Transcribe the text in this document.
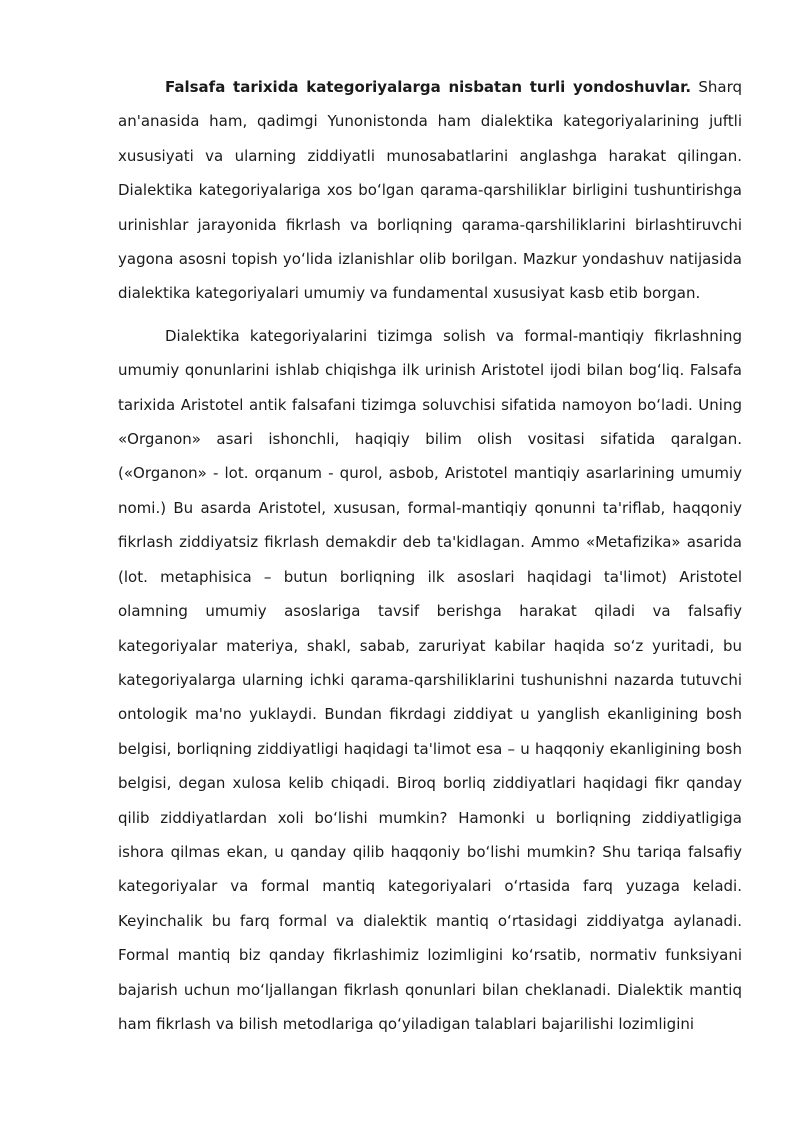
Falsafa tarixida kategoriyalarga nisbatan turli yondoshuvlar. Sharq an'anasida ham, qadimgi Yunonistonda ham dialektika kategoriyalarining juftli xususiyati va ularning ziddiyatli munosabatlarini anglashga harakat qilingan. Dialektika kategoriyalariga xos boʻlgan qarama-qarshiliklar birligini tushuntirishga urinishlar jarayonida fikrlash va borliqning qarama-qarshiliklarini birlashtiruvchi yagona asosni topish yoʻlida izlanishlar olib borilgan. Mazkur yondashuv natijasida dialektika kategoriyalari umumiy va fundamental xususiyat kasb etib borgan.

Dialektika kategoriyalarini tizimga solish va formal-mantiqiy fikrlashning umumiy qonunlarini ishlab chiqishga ilk urinish Aristotel ijodi bilan bogʻliq. Falsafa tarixida Aristotel antik falsafani tizimga soluvchisi sifatida namoyon boʻladi. Uning «Organon» asari ishonchli, haqiqiy bilim olish vositasi sifatida qaralgan. («Organon» - lot. orqanum - qurol, asbob, Aristotel mantiqiy asarlarining umumiy nomi.) Bu asarda Aristotel, xususan, formal-mantiqiy qonunni ta'riflab, haqqoniy fikrlash ziddiyatsiz fikrlash demakdir deb ta'kidlagan. Ammo «Metafizika» asarida (lot. metaphisica – butun borliqning ilk asoslari haqidagi ta'limot) Aristotel olamning umumiy asoslariga tavsif berishga harakat qiladi va falsafiy kategoriyalar materiya, shakl, sabab, zaruriyat kabilar haqida soʻz yuritadi, bu kategoriyalarga ularning ichki qarama-qarshiliklarini tushunishni nazarda tutuvchi ontologik ma'no yuklaydi. Bundan fikrdagi ziddiyat u yanglish ekanligining bosh belgisi, borliqning ziddiyatligi haqidagi ta'limot esa – u haqqoniy ekanligining bosh belgisi, degan xulosa kelib chiqadi. Biroq borliq ziddiyatlari haqidagi fikr qanday qilib ziddiyatlardan xoli boʻlishi mumkin? Hamonki u borliqning ziddiyatligiga ishora qilmas ekan, u qanday qilib haqqoniy boʻlishi mumkin? Shu tariqa falsafiy kategoriyalar va formal mantiq kategoriyalari oʻrtasida farq yuzaga keladi. Keyinchalik bu farq formal va dialektik mantiq oʻrtasidagi ziddiyatga aylanadi. Formal mantiq biz qanday fikrlashimiz lozimligini koʻrsatib, normativ funksiyani bajarish uchun moʻljallangan fikrlash qonunlari bilan cheklanadi. Dialektik mantiq ham fikrlash va bilish metodlariga qoʻyiladigan talablari bajarilishi lozimligini
